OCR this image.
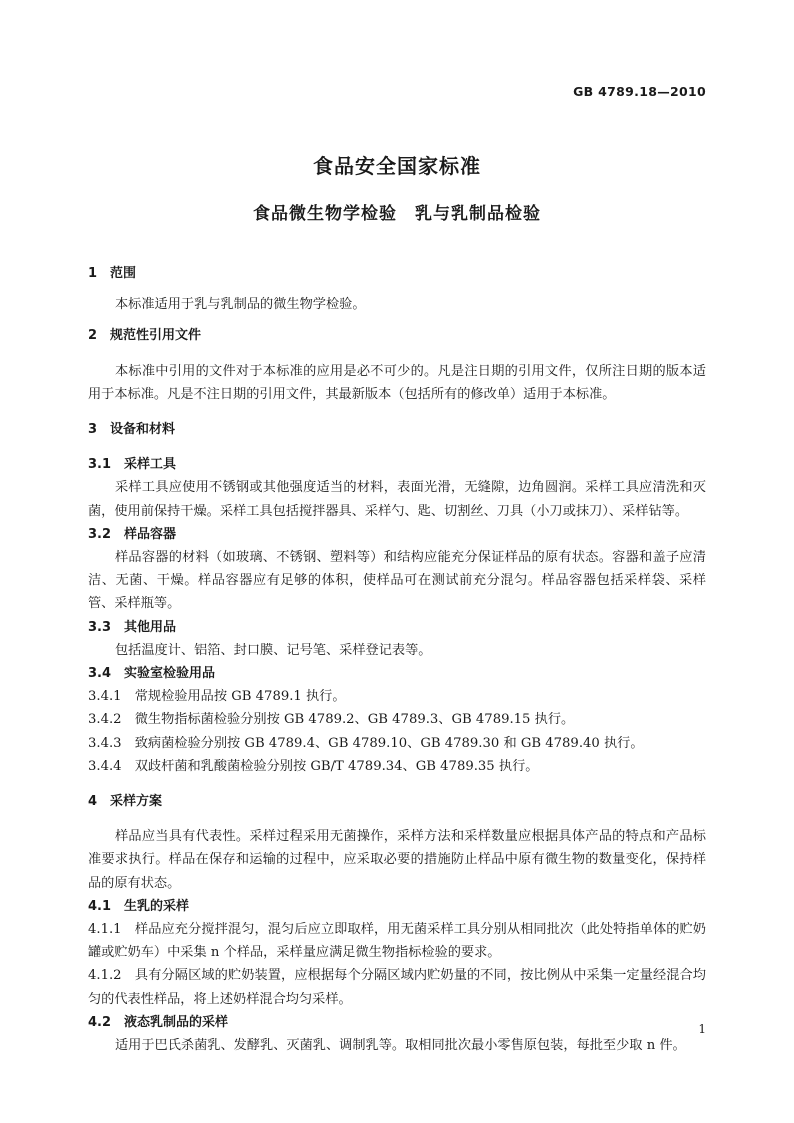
GB 4789.18—2010
食品安全国家标准
食品微生物学检验　乳与乳制品检验

1　范围

本标准适用于乳与乳制品的微生物学检验。

2　规范性引用文件

本标准中引用的文件对于本标准的应用是必不可少的。凡是注日期的引用文件，仅所注日期的版本适用于本标准。凡是不注日期的引用文件，其最新版本（包括所有的修改单）适用于本标准。

3　设备和材料

3.1　采样工具

采样工具应使用不锈钢或其他强度适当的材料，表面光滑，无缝隙，边角圆润。采样工具应清洗和灭菌，使用前保持干燥。采样工具包括搅拌器具、采样勺、匙、切割丝、刀具（小刀或抹刀）、采样钻等。

3.2　样品容器

样品容器的材料（如玻璃、不锈钢、塑料等）和结构应能充分保证样品的原有状态。容器和盖子应清洁、无菌、干燥。样品容器应有足够的体积，使样品可在测试前充分混匀。样品容器包括采样袋、采样管、采样瓶等。

3.3　其他用品

包括温度计、铝箔、封口膜、记号笔、采样登记表等。

3.4　实验室检验用品

3.4.1　常规检验用品按 GB 4789.1 执行。

3.4.2　微生物指标菌检验分别按 GB 4789.2、GB 4789.3、GB 4789.15 执行。

3.4.3　致病菌检验分别按 GB 4789.4、GB 4789.10、GB 4789.30 和 GB 4789.40 执行。

3.4.4　双歧杆菌和乳酸菌检验分别按 GB/T 4789.34、GB 4789.35 执行。

4　采样方案

样品应当具有代表性。采样过程采用无菌操作，采样方法和采样数量应根据具体产品的特点和产品标准要求执行。样品在保存和运输的过程中，应采取必要的措施防止样品中原有微生物的数量变化，保持样品的原有状态。

4.1　生乳的采样

4.1.1　样品应充分搅拌混匀，混匀后应立即取样，用无菌采样工具分别从相同批次（此处特指单体的贮奶罐或贮奶车）中采集 n 个样品，采样量应满足微生物指标检验的要求。

4.1.2　具有分隔区域的贮奶装置，应根据每个分隔区域内贮奶量的不同，按比例从中采集一定量经混合均匀的代表性样品，将上述奶样混合均匀采样。

4.2　液态乳制品的采样

适用于巴氏杀菌乳、发酵乳、灭菌乳、调制乳等。取相同批次最小零售原包装，每批至少取 n 件。

1
